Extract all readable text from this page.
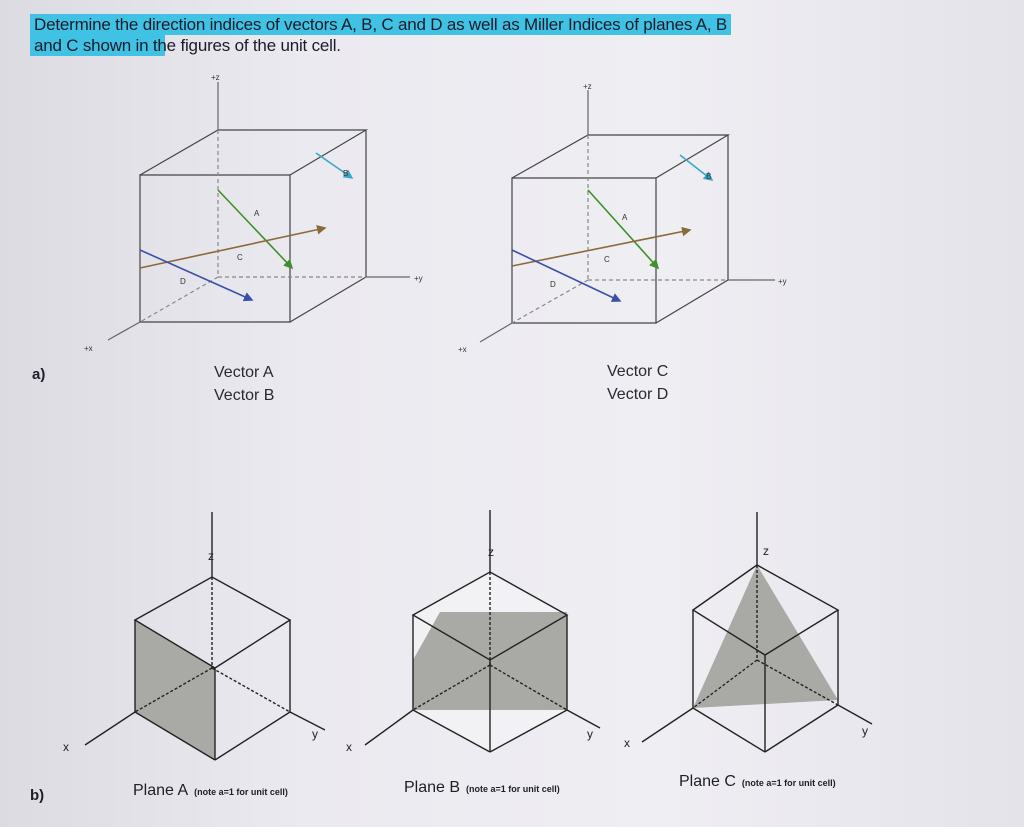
Determine the direction indices of vectors A, B, C and D as well as Miller Indices of planes A, B
and C shown in the figures of the unit cell.
+z
+y
+x
A
B
C
D
+z
+y
+x
A
B
C
D
z
y
x
z
y
x
z
y
x
a)	Vector A
Vector B
Vector C
Vector D
b)	Plane A (note a=1 for unit cell)	Plane B (note a=1 for unit cell)	Plane C (note a=1 for unit cell)
